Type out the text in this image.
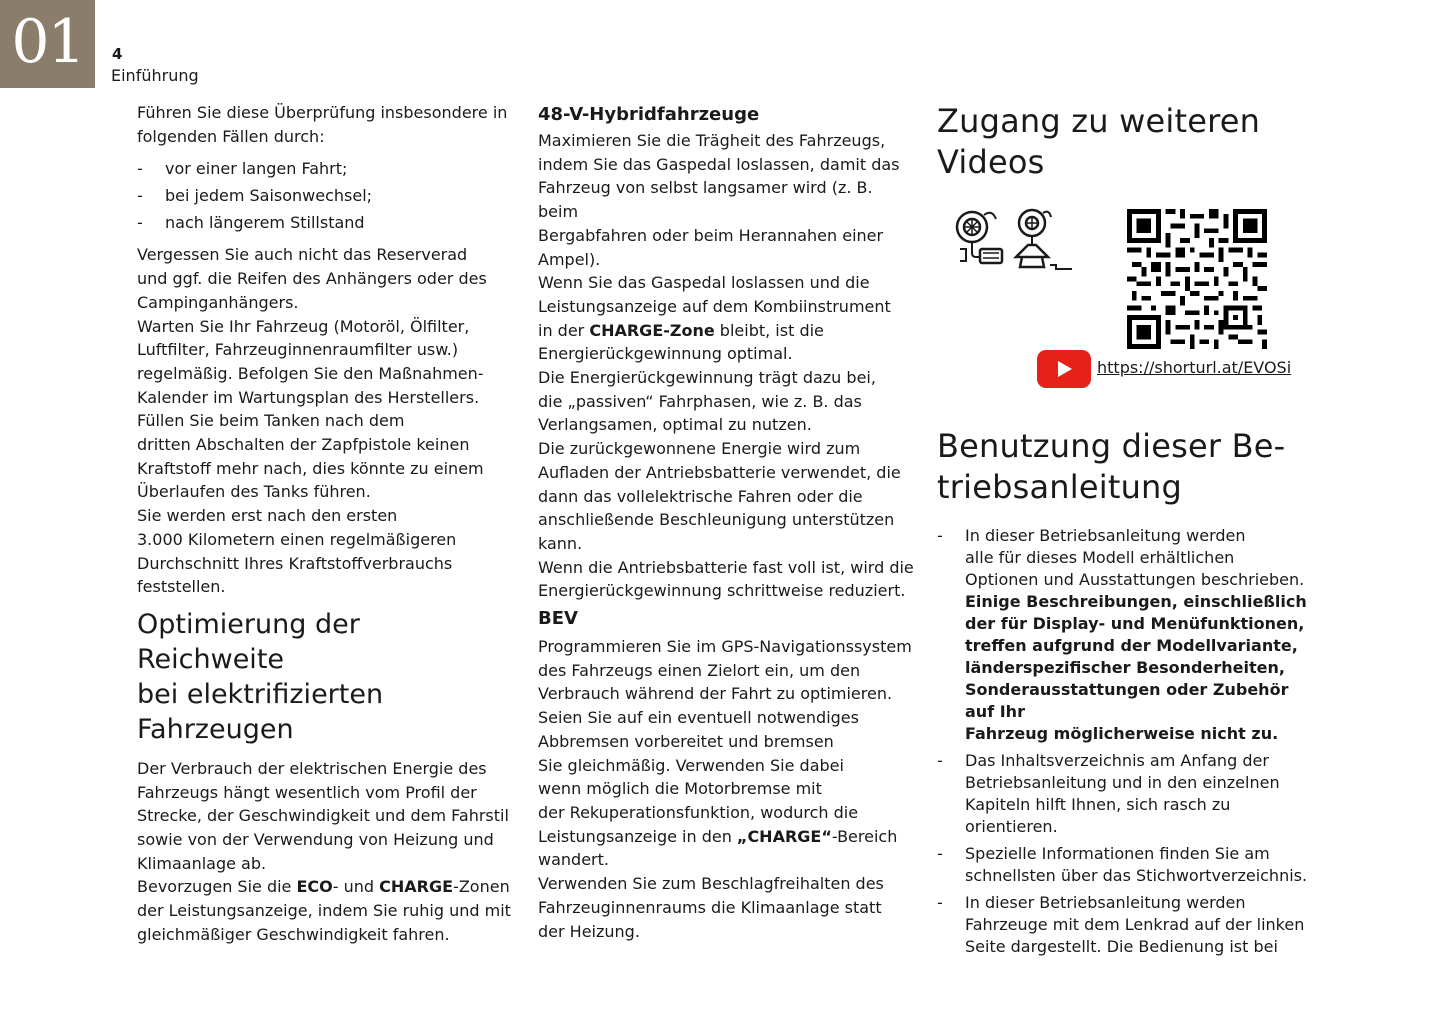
01	4
Einführung
Führen Sie diese Überprüfung insbesondere in
folgenden Fällen durch:
- vor einer langen Fahrt;
- bei jedem Saisonwechsel;
- nach längerem Stillstand
Vergessen Sie auch nicht das Reserverad
und ggf. die Reifen des Anhängers oder des
Campinganhängers.
Warten Sie Ihr Fahrzeug (Motoröl, Ölfilter,
Luftfilter, Fahrzeuginnenraumfilter usw.)
regelmäßig. Befolgen Sie den Maßnahmen-
Kalender im Wartungsplan des Herstellers.
Füllen Sie beim Tanken nach dem
dritten Abschalten der Zapfpistole keinen
Kraftstoff mehr nach, dies könnte zu einem
Überlaufen des Tanks führen.
Sie werden erst nach den ersten
3.000 Kilometern einen regelmäßigeren
Durchschnitt Ihres Kraftstoffverbrauchs
feststellen.
Optimierung der Reichweite
bei elektrifizierten
Fahrzeugen
Der Verbrauch der elektrischen Energie des
Fahrzeugs hängt wesentlich vom Profil der
Strecke, der Geschwindigkeit und dem Fahrstil
sowie von der Verwendung von Heizung und
Klimaanlage ab.
Bevorzugen Sie die ECO- und CHARGE-Zonen
der Leistungsanzeige, indem Sie ruhig und mit
gleichmäßiger Geschwindigkeit fahren.
48-V-Hybridfahrzeuge
Maximieren Sie die Trägheit des Fahrzeugs,
indem Sie das Gaspedal loslassen, damit das
Fahrzeug von selbst langsamer wird (z. B. beim
Bergabfahren oder beim Herannahen einer
Ampel).
Wenn Sie das Gaspedal loslassen und die
Leistungsanzeige auf dem Kombiinstrument
in der CHARGE-Zone bleibt, ist die
Energierückgewinnung optimal.
Die Energierückgewinnung trägt dazu bei,
die „passiven“ Fahrphasen, wie z. B. das
Verlangsamen, optimal zu nutzen.
Die zurückgewonnene Energie wird zum
Aufladen der Antriebsbatterie verwendet, die
dann das vollelektrische Fahren oder die
anschließende Beschleunigung unterstützen
kann.
Wenn die Antriebsbatterie fast voll ist, wird die
Energierückgewinnung schrittweise reduziert.
BEV
Programmieren Sie im GPS-Navigationssystem
des Fahrzeugs einen Zielort ein, um den
Verbrauch während der Fahrt zu optimieren.
Seien Sie auf ein eventuell notwendiges
Abbremsen vorbereitet und bremsen
Sie gleichmäßig. Verwenden Sie dabei
wenn möglich die Motorbremse mit
der Rekuperationsfunktion, wodurch die
Leistungsanzeige in den „CHARGE“-Bereich
wandert.
Verwenden Sie zum Beschlagfreihalten des
Fahrzeuginnenraums die Klimaanlage statt
der Heizung.
Zugang zu weiteren
Videos
Benutzung dieser Be-
triebsanleitung
- In dieser Betriebsanleitung werden
alle für dieses Modell erhältlichen
Optionen und Ausstattungen beschrieben.
Einige Beschreibungen, einschließlich
der für Display- und Menüfunktionen,
treffen aufgrund der Modellvariante,
länderspezifischer Besonderheiten,
Sonderausstattungen oder Zubehör auf Ihr
Fahrzeug möglicherweise nicht zu.
- Das Inhaltsverzeichnis am Anfang der
Betriebsanleitung und in den einzelnen
Kapiteln hilft Ihnen, sich rasch zu
orientieren.
- Spezielle Informationen finden Sie am
schnellsten über das Stichwortverzeichnis.
- In dieser Betriebsanleitung werden
Fahrzeuge mit dem Lenkrad auf der linken
Seite dargestellt. Die Bedienung ist bei
https://shorturl.at/EVOSi
